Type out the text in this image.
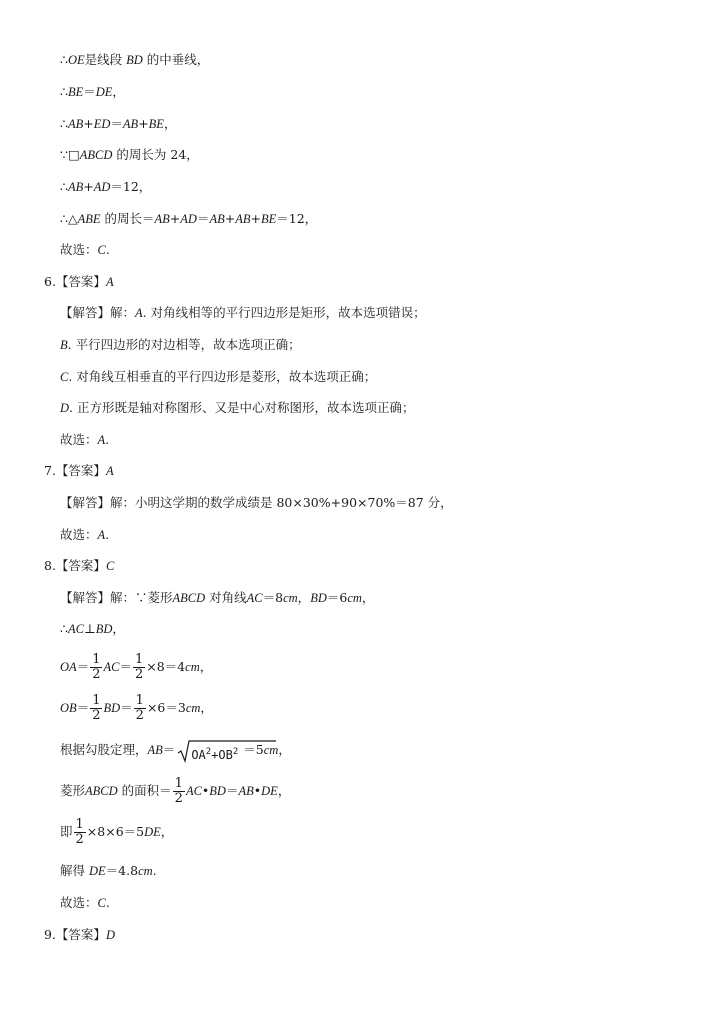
∴OE是线段 BD 的中垂线，
∴BE＝DE，
∴AB+ED＝AB+BE，
∵□ABCD 的周长为 24，
∴AB+AD＝12，
∴△ABE 的周长＝AB+AD＝AB+AB+BE＝12，
故选：C.
6.【答案】A
【解答】解：A. 对角线相等的平行四边形是矩形，故本选项错误；
B. 平行四边形的对边相等，故本选项正确；
C. 对角线互相垂直的平行四边形是菱形，故本选项正确；
D. 正方形既是轴对称图形、又是中心对称图形，故本选项正确；
故选：A.
7.【答案】A
【解答】解：小明这学期的数学成绩是 80×30%+90×70%＝87 分，
故选：A.
8.【答案】C
【解答】解：∵菱形ABCD 对角线AC＝8cm，BD＝6cm，
∴AC⊥BD，
$OA= \frac{1}{2} AC= \frac{1}{2} \times 8=4cm$，
$OB= \frac{1}{2} BD= \frac{1}{2} \times 6=3cm$，
根据勾股定理，$AB= OA^2+OB^2 =5cm$，
菱形ABCD 的面积＝ $\frac{1}{2}$ AC•BD＝AB•DE，
即 $\frac{1}{2} \times 8\times 6=5DE$，
解得 DE＝4.8cm.
故选：C.
9.【答案】D
